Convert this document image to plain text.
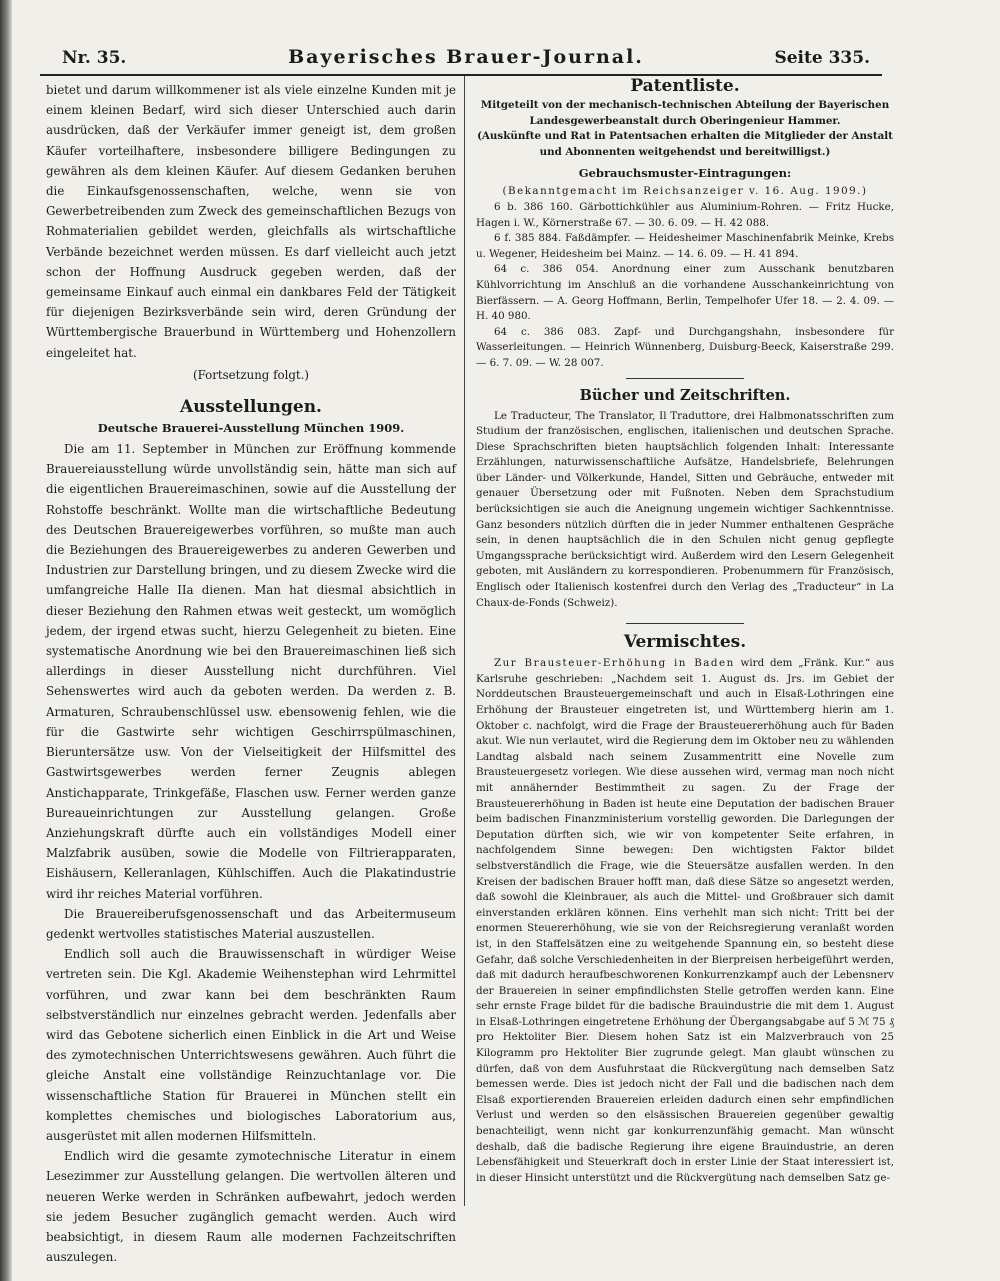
Nr. 35.	Bayerisches Brauer-Journal.	Seite 335.

bietet und darum willkommener ist als viele einzelne Kunden mit je einem kleinen Bedarf, wird sich dieser Unterschied auch darin ausdrücken, daß der Verkäufer immer geneigt ist, dem großen Käufer vorteilhaftere, insbesondere billigere Bedingungen zu gewähren als dem kleinen Käufer. Auf diesem Gedanken beruhen die Einkaufsgenossenschaften, welche, wenn sie von Gewerbetreibenden zum Zweck des gemeinschaftlichen Bezugs von Rohmaterialien gebildet werden, gleichfalls als wirtschaftliche Verbände bezeichnet werden müssen. Es darf vielleicht auch jetzt schon der Hoffnung Ausdruck gegeben werden, daß der gemeinsame Einkauf auch einmal ein dankbares Feld der Tätigkeit für diejenigen Bezirksverbände sein wird, deren Gründung der Württembergische Brauerbund in Württemberg und Hohenzollern eingeleitet hat.

(Fortsetzung folgt.)

Ausstellungen.
Deutsche Brauerei-Ausstellung München 1909.

Die am 11. September in München zur Eröffnung kommende Brauereiausstellung würde unvollständig sein, hätte man sich auf die eigentlichen Brauereimaschinen, sowie auf die Ausstellung der Rohstoffe beschränkt. Wollte man die wirtschaftliche Bedeutung des Deutschen Brauereigewerbes vorführen, so mußte man auch die Beziehungen des Brauereigewerbes zu anderen Gewerben und Industrien zur Darstellung bringen, und zu diesem Zwecke wird die umfangreiche Halle IIa dienen. Man hat diesmal absichtlich in dieser Beziehung den Rahmen etwas weit gesteckt, um womöglich jedem, der irgend etwas sucht, hierzu Gelegenheit zu bieten. Eine systematische Anordnung wie bei den Brauereimaschinen ließ sich allerdings in dieser Ausstellung nicht durchführen. Viel Sehenswertes wird auch da geboten werden. Da werden z. B. Armaturen, Schraubenschlüssel usw. ebensowenig fehlen, wie die für die Gastwirte sehr wichtigen Geschirrspülmaschinen, Bieruntersätze usw. Von der Vielseitigkeit der Hilfsmittel des Gastwirtsgewerbes werden ferner Zeugnis ablegen Anstichapparate, Trinkgefäße, Flaschen usw. Ferner werden ganze Bureaueinrichtungen zur Ausstellung gelangen. Große Anziehungskraft dürfte auch ein vollständiges Modell einer Malzfabrik ausüben, sowie die Modelle von Filtrierapparaten, Eishäusern, Kelleranlagen, Kühlschiffen. Auch die Plakatindustrie wird ihr reiches Material vorführen.

Die Brauereiberufsgenossenschaft und das Arbeitermuseum gedenkt wertvolles statistisches Material auszustellen.

Endlich soll auch die Brauwissenschaft in würdiger Weise vertreten sein. Die Kgl. Akademie Weihenstephan wird Lehrmittel vorführen, und zwar kann bei dem beschränkten Raum selbstverständlich nur einzelnes gebracht werden. Jedenfalls aber wird das Gebotene sicherlich einen Einblick in die Art und Weise des zymotechnischen Unterrichtswesens gewähren. Auch führt die gleiche Anstalt eine vollständige Reinzuchtanlage vor. Die wissenschaftliche Station für Brauerei in München stellt ein komplettes chemisches und biologisches Laboratorium aus, ausgerüstet mit allen modernen Hilfsmitteln.

Endlich wird die gesamte zymotechnische Literatur in einem Lesezimmer zur Ausstellung gelangen. Die wertvollen älteren und neueren Werke werden in Schränken aufbewahrt, jedoch werden sie jedem Besucher zugänglich gemacht werden. Auch wird beabsichtigt, in diesem Raum alle modernen Fachzeitschriften auszulegen.

Patentliste.

Mitgeteilt von der mechanisch-technischen Abteilung der Bayerischen Landesgewerbeanstalt durch Oberingenieur Hammer.

(Auskünfte und Rat in Patentsachen erhalten die Mitglieder der Anstalt und Abonnenten weitgehendst und bereitwilligst.)

Gebrauchsmuster-Eintragungen:

(Bekanntgemacht im Reichsanzeiger v. 16. Aug. 1909.)

6 b. 386 160. Gärbottichkühler aus Aluminium-Rohren. — Fritz Hucke, Hagen i. W., Körnerstraße 67. — 30. 6. 09. — H. 42 088.

6 f. 385 884. Faßdämpfer. — Heidesheimer Maschinenfabrik Meinke, Krebs u. Wegener, Heidesheim bei Mainz. — 14. 6. 09. — H. 41 894.

64 c. 386 054. Anordnung einer zum Ausschank benutzbaren Kühlvorrichtung im Anschluß an die vorhandene Ausschankeinrichtung von Bierfässern. — A. Georg Hoffmann, Berlin, Tempelhofer Ufer 18. — 2. 4. 09. — H. 40 980.

64 c. 386 083. Zapf- und Durchgangshahn, insbesondere für Wasserleitungen. — Heinrich Wünnenberg, Duisburg-Beeck, Kaiserstraße 299. — 6. 7. 09. — W. 28 007.

Bücher und Zeitschriften.

Le Traducteur, The Translator, Il Traduttore, drei Halbmonatsschriften zum Studium der französischen, englischen, italienischen und deutschen Sprache. Diese Sprachschriften bieten hauptsächlich folgenden Inhalt: Interessante Erzählungen, naturwissenschaftliche Aufsätze, Handelsbriefe, Belehrungen über Länder- und Völkerkunde, Handel, Sitten und Gebräuche, entweder mit genauer Übersetzung oder mit Fußnoten. Neben dem Sprachstudium berücksichtigen sie auch die Aneignung ungemein wichtiger Sachkenntnisse. Ganz besonders nützlich dürften die in jeder Nummer enthaltenen Gespräche sein, in denen hauptsächlich die in den Schulen nicht genug gepflegte Umgangssprache berücksichtigt wird. Außerdem wird den Lesern Gelegenheit geboten, mit Ausländern zu korrespondieren. Probenummern für Französisch, Englisch oder Italienisch kostenfrei durch den Verlag des „Traducteur“ in La Chaux-de-Fonds (Schweiz).

Vermischtes.

Zur Brausteuer-Erhöhung in Baden wird dem „Fränk. Kur.“ aus Karlsruhe geschrieben: „Nachdem seit 1. August ds. Jrs. im Gebiet der Norddeutschen Brausteuergemeinschaft und auch in Elsaß-Lothringen eine Erhöhung der Brausteuer eingetreten ist, und Württemberg hierin am 1. Oktober c. nachfolgt, wird die Frage der Brausteuererhöhung auch für Baden akut. Wie nun verlautet, wird die Regierung dem im Oktober neu zu wählenden Landtag alsbald nach seinem Zusammentritt eine Novelle zum Brausteuergesetz vorlegen. Wie diese aussehen wird, vermag man noch nicht mit annähernder Bestimmtheit zu sagen. Zu der Frage der Brausteuererhöhung in Baden ist heute eine Deputation der badischen Brauer beim badischen Finanzministerium vorstellig geworden. Die Darlegungen der Deputation dürften sich, wie wir von kompetenter Seite erfahren, in nachfolgendem Sinne bewegen: Den wichtigsten Faktor bildet selbstverständlich die Frage, wie die Steuersätze ausfallen werden. In den Kreisen der badischen Brauer hofft man, daß diese Sätze so angesetzt werden, daß sowohl die Kleinbrauer, als auch die Mittel- und Großbrauer sich damit einverstanden erklären können. Eins verhehlt man sich nicht: Tritt bei der enormen Steuererhöhung, wie sie von der Reichsregierung veranlaßt worden ist, in den Staffelsätzen eine zu weitgehende Spannung ein, so besteht diese Gefahr, daß solche Verschiedenheiten in der Bierpreisen herbeigeführt werden, daß mit dadurch heraufbeschworenen Konkurrenzkampf auch der Lebensnerv der Brauereien in seiner empfindlichsten Stelle getroffen werden kann. Eine sehr ernste Frage bildet für die badische Brauindustrie die mit dem 1. August in Elsaß-Lothringen eingetretene Erhöhung der Übergangsabgabe auf 5 ℳ 75 ₰ pro Hektoliter Bier. Diesem hohen Satz ist ein Malzverbrauch von 25 Kilogramm pro Hektoliter Bier zugrunde gelegt. Man glaubt wünschen zu dürfen, daß von dem Ausfuhrstaat die Rückvergütung nach demselben Satz bemessen werde. Dies ist jedoch nicht der Fall und die badischen nach dem Elsaß exportierenden Brauereien erleiden dadurch einen sehr empfindlichen Verlust und werden so den elsässischen Brauereien gegenüber gewaltig benachteiligt, wenn nicht gar konkurrenzunfähig gemacht. Man wünscht deshalb, daß die badische Regierung ihre eigene Brauindustrie, an deren Lebensfähigkeit und Steuerkraft doch in erster Linie der Staat interessiert ist, in dieser Hinsicht unterstützt und die Rückvergütung nach demselben Satz ge-
